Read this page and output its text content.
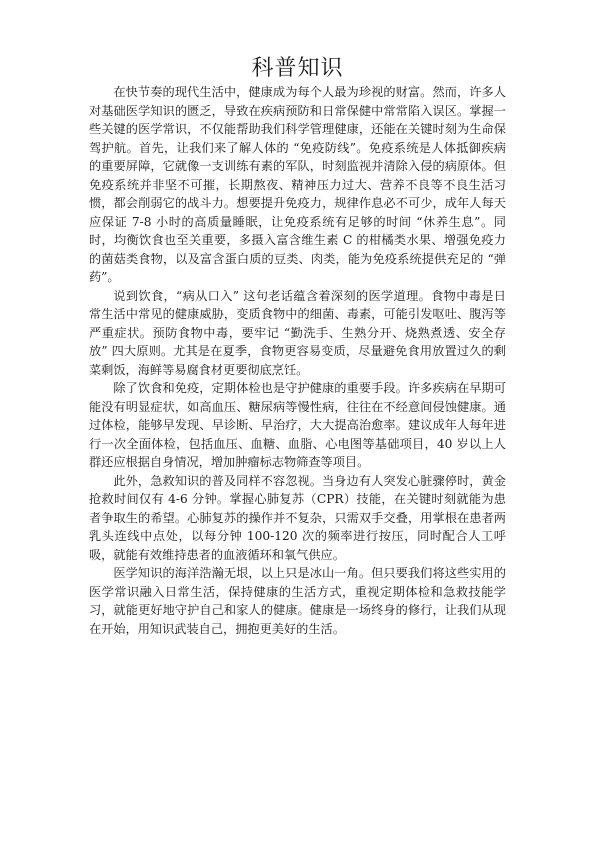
科普知识

在快节奏的现代生活中，健康成为每个人最为珍视的财富。然而，许多人对基础医学知识的匮乏，导致在疾病预防和日常保健中常常陷入误区。掌握一些关键的医学常识，不仅能帮助我们科学管理健康，还能在关键时刻为生命保驾护航。首先，让我们来了解人体的 “免疫防线”。免疫系统是人体抵御疾病的重要屏障，它就像一支训练有素的军队，时刻监视并清除入侵的病原体。但免疫系统并非坚不可摧，长期熬夜、精神压力过大、营养不良等不良生活习惯，都会削弱它的战斗力。想要提升免疫力，规律作息必不可少，成年人每天应保证 7-8 小时的高质量睡眠，让免疫系统有足够的时间 “休养生息”。同时，均衡饮食也至关重要，多摄入富含维生素 C 的柑橘类水果、增强免疫力的菌菇类食物，以及富含蛋白质的豆类、肉类，能为免疫系统提供充足的 “弹药”。

说到饮食，“病从口入” 这句老话蕴含着深刻的医学道理。食物中毒是日常生活中常见的健康威胁，变质食物中的细菌、毒素，可能引发呕吐、腹泻等严重症状。预防食物中毒，要牢记 “勤洗手、生熟分开、烧熟煮透、安全存放” 四大原则。尤其是在夏季，食物更容易变质，尽量避免食用放置过久的剩菜剩饭，海鲜等易腐食材更要彻底烹饪。

除了饮食和免疫，定期体检也是守护健康的重要手段。许多疾病在早期可能没有明显症状，如高血压、糖尿病等慢性病，往往在不经意间侵蚀健康。通过体检，能够早发现、早诊断、早治疗，大大提高治愈率。建议成年人每年进行一次全面体检，包括血压、血糖、血脂、心电图等基础项目，40 岁以上人群还应根据自身情况，增加肿瘤标志物筛查等项目。

此外，急救知识的普及同样不容忽视。当身边有人突发心脏骤停时，黄金抢救时间仅有 4-6 分钟。掌握心肺复苏（CPR）技能，在关键时刻就能为患者争取生的希望。心肺复苏的操作并不复杂，只需双手交叠，用掌根在患者两乳头连线中点处，以每分钟 100-120 次的频率进行按压，同时配合人工呼吸，就能有效维持患者的血液循环和氧气供应。

医学知识的海洋浩瀚无垠，以上只是冰山一角。但只要我们将这些实用的医学常识融入日常生活，保持健康的生活方式，重视定期体检和急救技能学习，就能更好地守护自己和家人的健康。健康是一场终身的修行，让我们从现在开始，用知识武装自己，拥抱更美好的生活。
